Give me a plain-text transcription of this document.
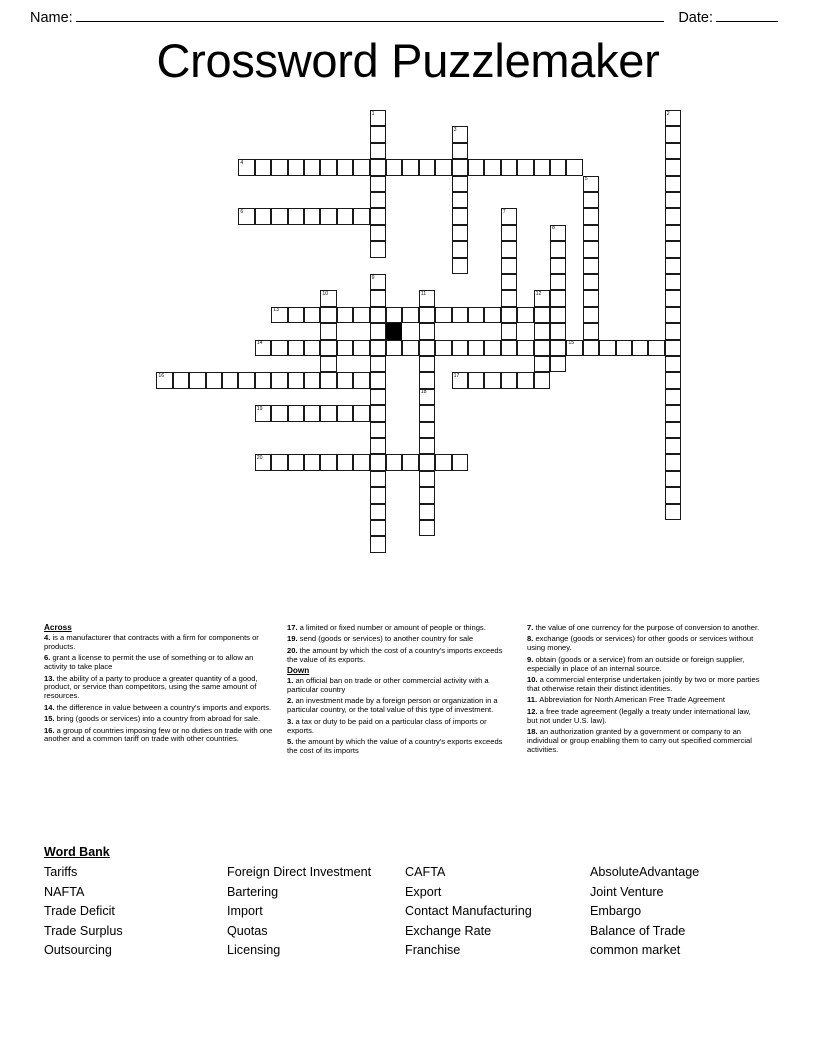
Name:	Date:
Crossword Puzzlemaker
1	2
3
4
5
6	7
8
9
10	11	12
13
14	15
16	17
18
19
20
Across
4. is a manufacturer that contracts with a firm for components or products.
6. grant a license to permit the use of something or to allow an activity to take place
13. the ability of a party to produce a greater quantity of a good, product, or service than competitors, using the same amount of resources.
14. the difference in value between a country's imports and exports.
15. bring (goods or services) into a country from abroad for sale.
16. a group of countries imposing few or no duties on trade with one another and a common tariff on trade with other countries.
17. a limited or fixed number or amount of people or things.
19. send (goods or services) to another country for sale
20. the amount by which the cost of a country's imports exceeds the value of its exports.
Down
1. an official ban on trade or other commercial activity with a particular country
2. an investment made by a foreign person or organization in a particular country, or the total value of this type of investment.
3. a tax or duty to be paid on a particular class of imports or exports.
5. the amount by which the value of a country's exports exceeds the cost of its imports
7. the value of one currency for the purpose of conversion to another.
8. exchange (goods or services) for other goods or services without using money.
9. obtain (goods or a service) from an outside or foreign supplier, especially in place of an internal source.
10. a commercial enterprise undertaken jointly by two or more parties that otherwise retain their distinct identities.
11. Abbreviation for North American Free Trade Agreement
12. a free trade agreement (legally a treaty under international law, but not under U.S. law).
18. an authorization granted by a government or company to an individual or group enabling them to carry out specified commercial activities.
Word Bank
Tariffs	Foreign Direct Investment	CAFTA	AbsoluteAdvantage
NAFTA	Bartering	Export	Joint Venture
Trade Deficit	Import	Contact Manufacturing	Embargo
Trade Surplus	Quotas	Exchange Rate	Balance of Trade
Outsourcing	Licensing	Franchise	common market
